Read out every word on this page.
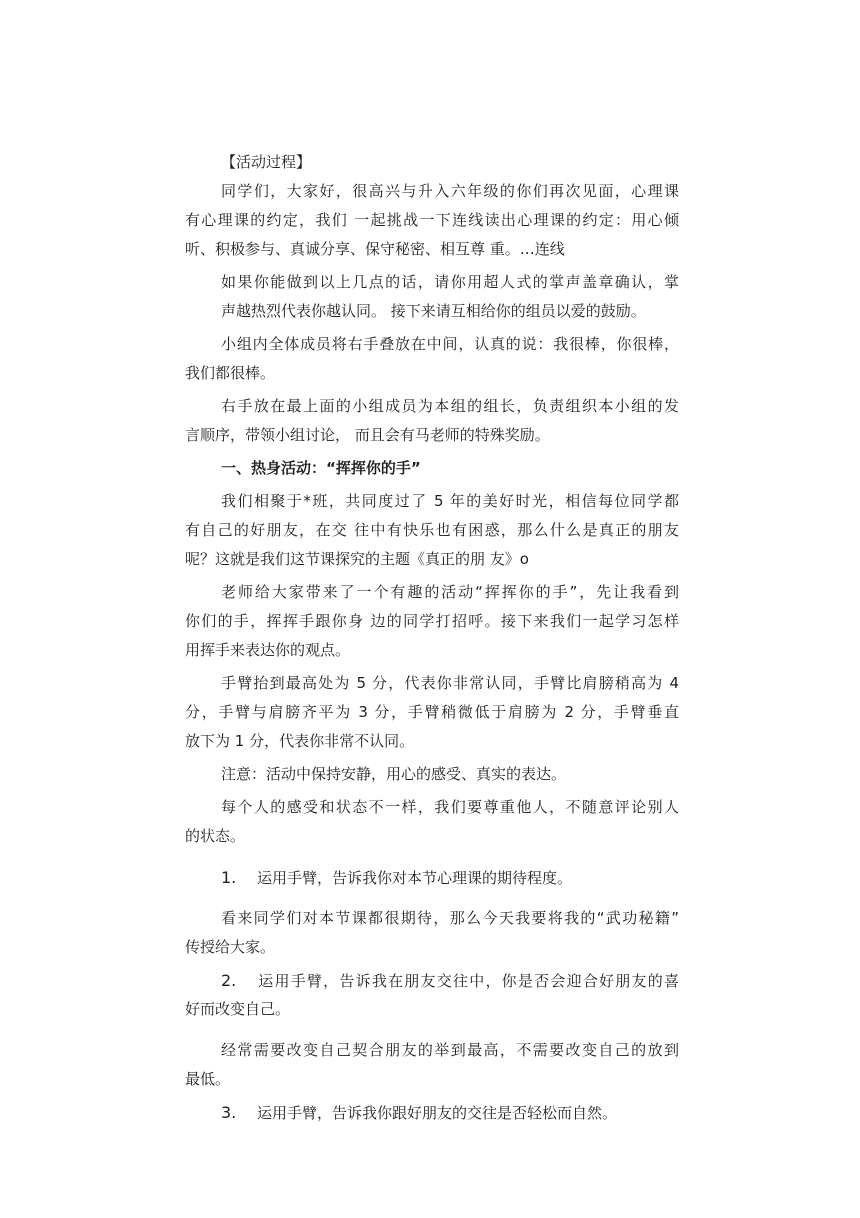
【活动过程】
同学们，大家好，很高兴与升入六年级的你们再次见面，心理课
有心理课的约定，我们 一起挑战一下连线读出心理课的约定：用心倾
听、积极参与、真诚分享、保守秘密、相互尊 重。…连线
如果你能做到以上几点的话，请你用超人式的掌声盖章确认，掌
声越热烈代表你越认同。 接下来请互相给你的组员以爱的鼓励。
小组内全体成员将右手叠放在中间，认真的说：我很棒，你很棒，
我们都很棒。
右手放在最上面的小组成员为本组的组长，负责组织本小组的发
言顺序，带领小组讨论， 而且会有马老师的特殊奖励。
一、热身活动：“挥挥你的手”
我们相聚于*班，共同度过了 5 年的美好时光，相信每位同学都
有自己的好朋友，在交 往中有快乐也有困惑，那么什么是真正的朋友
呢？这就是我们这节课探究的主题《真正的朋 友》o
老师给大家带来了一个有趣的活动“挥挥你的手”，先让我看到
你们的手，挥挥手跟你身 边的同学打招呼。接下来我们一起学习怎样
用挥手来表达你的观点。
手臂抬到最高处为 5 分，代表你非常认同，手臂比肩膀稍高为 4
分，手臂与肩膀齐平为 3 分，手臂稍微低于肩膀为 2 分，手臂垂直
放下为 1 分，代表你非常不认同。
注意：活动中保持安静，用心的感受、真实的表达。
每个人的感受和状态不一样，我们要尊重他人，不随意评论别人
的状态。
1. 运用手臂，告诉我你对本节心理课的期待程度。
看来同学们对本节课都很期待，那么今天我要将我的“武功秘籍”
传授给大家。
2. 运用手臂，告诉我在朋友交往中，你是否会迎合好朋友的喜
好而改变自己。
经常需要改变自己契合朋友的举到最高，不需要改变自己的放到
最低。
3. 运用手臂，告诉我你跟好朋友的交往是否轻松而自然。
